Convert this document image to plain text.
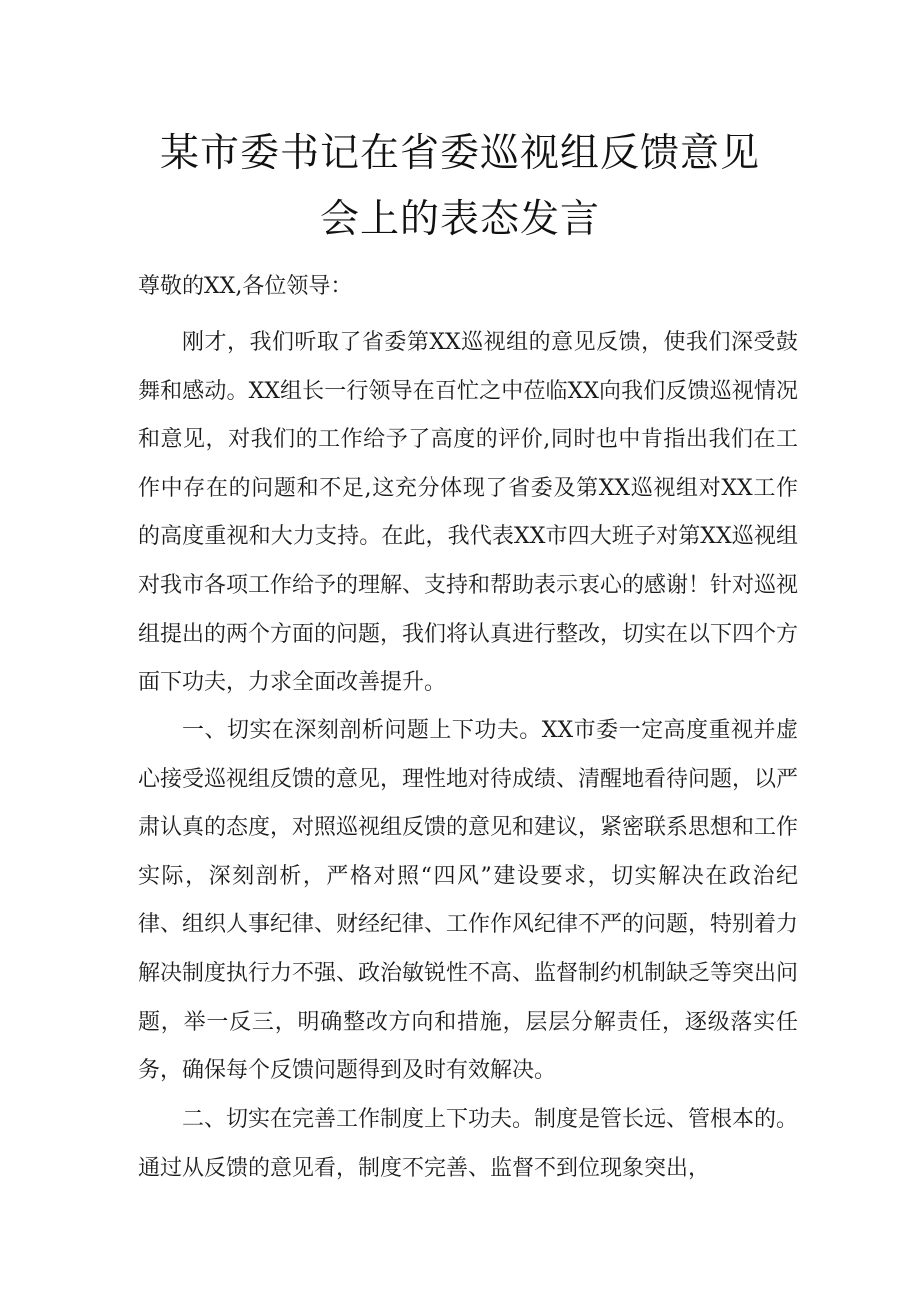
某市委书记在省委巡视组反馈意见
会上的表态发言
尊敬的XX,各位领导：

刚才，我们听取了省委第XX巡视组的意见反馈，使我们深受鼓舞和感动。XX组长一行领导在百忙之中莅临XX向我们反馈巡视情况和意见，对我们的工作给予了高度的评价,同时也中肯指出我们在工作中存在的问题和不足,这充分体现了省委及第XX巡视组对XX工作的高度重视和大力支持。在此，我代表XX市四大班子对第XX巡视组对我市各项工作给予的理解、支持和帮助表示衷心的感谢！针对巡视组提出的两个方面的问题，我们将认真进行整改，切实在以下四个方面下功夫，力求全面改善提升。

一、切实在深刻剖析问题上下功夫。XX市委一定高度重视并虚心接受巡视组反馈的意见，理性地对待成绩、清醒地看待问题，以严肃认真的态度，对照巡视组反馈的意见和建议，紧密联系思想和工作实际，深刻剖析，严格对照“四风”建设要求，切实解决在政治纪律、组织人事纪律、财经纪律、工作作风纪律不严的问题，特别着力解决制度执行力不强、政治敏锐性不高、监督制约机制缺乏等突出问题，举一反三，明确整改方向和措施，层层分解责任，逐级落实任务，确保每个反馈问题得到及时有效解决。

二、切实在完善工作制度上下功夫。制度是管长远、管根本的。通过从反馈的意见看，制度不完善、监督不到位现象突出，
